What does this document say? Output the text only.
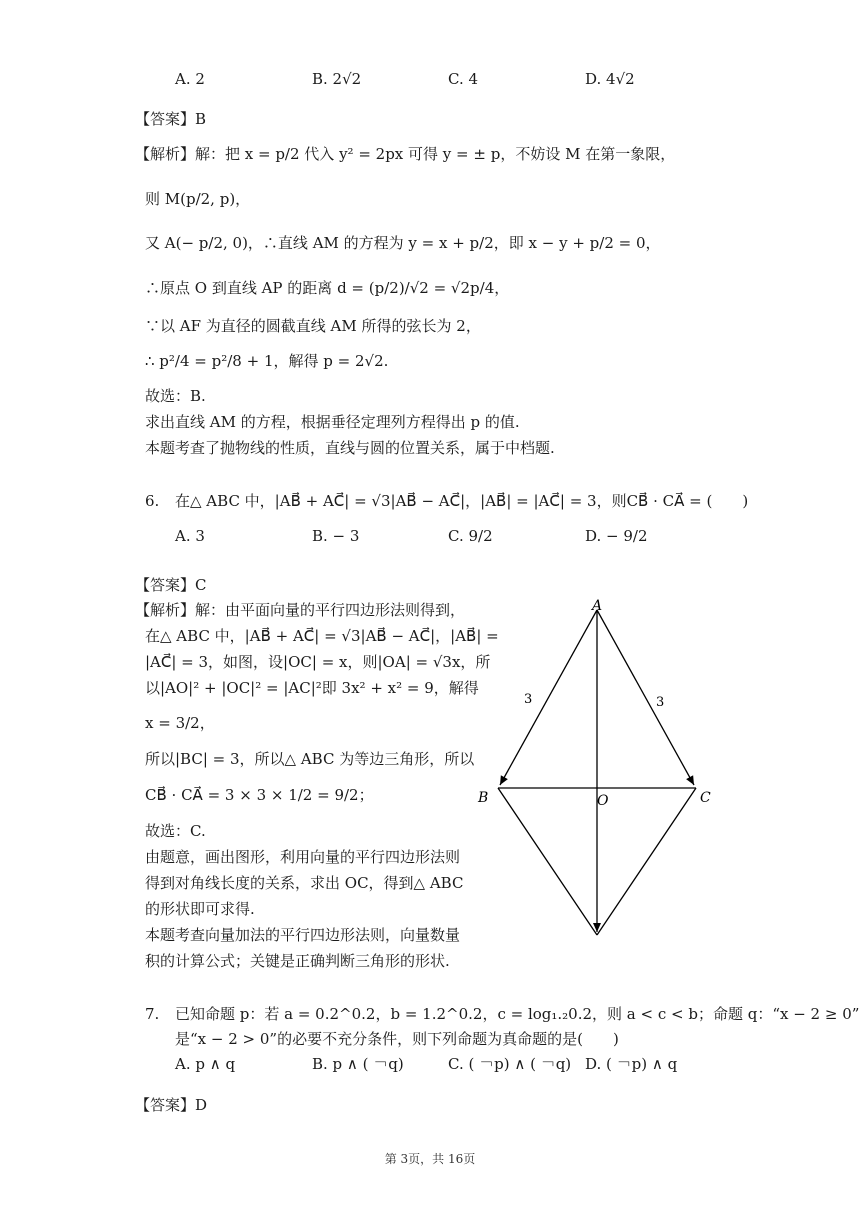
A. 2	B. 2√2	C. 4	D. 4√2
【答案】B
【解析】解：把 x = p/2 代入 y² = 2px 可得 y = ± p，不妨设 M 在第一象限，
则 M(p/2, p)，
又 A(− p/2, 0)，∴直线 AM 的方程为 y = x + p/2，即 x − y + p/2 = 0，
∴原点 O 到直线 AP 的距离 d = (p/2)/√2 = √2p/4，
∵以 AF 为直径的圆截直线 AM 所得的弦长为 2，
∴ p²/4 = p²/8 + 1，解得 p = 2√2.
故选：B.
求出直线 AM 的方程，根据垂径定理列方程得出 p 的值.
本题考查了抛物线的性质，直线与圆的位置关系，属于中档题.
6. 在△ ABC 中，|AB⃗ + AC⃗| = √3|AB⃗ − AC⃗|，|AB⃗| = |AC⃗| = 3，则CB⃗ · CA⃗ = (　　)
A. 3	B. − 3	C. 9/2	D. − 9/2
【答案】C
【解析】解：由平面向量的平行四边形法则得到，
在△ ABC 中，|AB⃗ + AC⃗| = √3|AB⃗ − AC⃗|，|AB⃗| =
|AC⃗| = 3，如图，设|OC| = x，则|OA| = √3x，所
以|AO|² + |OC|² = |AC|²即 3x² + x² = 9，解得
x = 3/2，
所以|BC| = 3，所以△ ABC 为等边三角形，所以
CB⃗ · CA⃗ = 3 × 3 × 1/2 = 9/2；
故选：C.
由题意，画出图形，利用向量的平行四边形法则
得到对角线长度的关系，求出 OC，得到△ ABC
的形状即可求得.
本题考查向量加法的平行四边形法则，向量数量
积的计算公式；关键是正确判断三角形的形状.
A
B	O	C
3	3
7. 已知命题 p：若 a = 0.2^0.2，b = 1.2^0.2，c = log₁.₂0.2，则 a < c < b；命题 q：“x − 2 ≥ 0”
是“x − 2 > 0”的必要不充分条件，则下列命题为真命题的是(　　)
A. p ∧ q	B. p ∧ ( ￢q)	C. ( ￢p) ∧ ( ￢q) D. ( ￢p) ∧ q
【答案】D
第 3页，共 16页
